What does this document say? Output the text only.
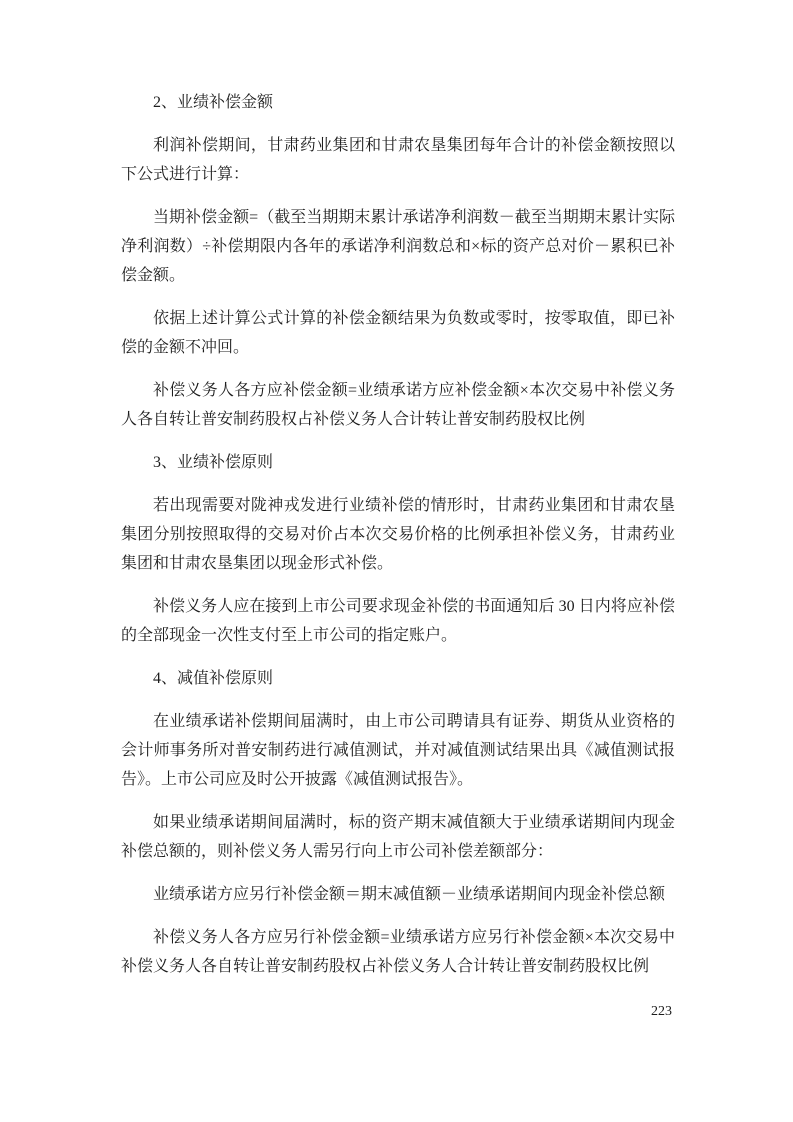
2、业绩补偿金额

利润补偿期间，甘肃药业集团和甘肃农垦集团每年合计的补偿金额按照以下公式进行计算：

当期补偿金额=（截至当期期末累计承诺净利润数－截至当期期末累计实际净利润数）÷补偿期限内各年的承诺净利润数总和×标的资产总对价－累积已补偿金额。

依据上述计算公式计算的补偿金额结果为负数或零时，按零取值，即已补偿的金额不冲回。

补偿义务人各方应补偿金额=业绩承诺方应补偿金额×本次交易中补偿义务人各自转让普安制药股权占补偿义务人合计转让普安制药股权比例

3、业绩补偿原则

若出现需要对陇神戎发进行业绩补偿的情形时，甘肃药业集团和甘肃农垦集团分别按照取得的交易对价占本次交易价格的比例承担补偿义务，甘肃药业集团和甘肃农垦集团以现金形式补偿。

补偿义务人应在接到上市公司要求现金补偿的书面通知后 30 日内将应补偿的全部现金一次性支付至上市公司的指定账户。

4、减值补偿原则

在业绩承诺补偿期间届满时，由上市公司聘请具有证券、期货从业资格的会计师事务所对普安制药进行减值测试，并对减值测试结果出具《减值测试报告》。上市公司应及时公开披露《减值测试报告》。

如果业绩承诺期间届满时，标的资产期末减值额大于业绩承诺期间内现金补偿总额的，则补偿义务人需另行向上市公司补偿差额部分：

业绩承诺方应另行补偿金额＝期末减值额－业绩承诺期间内现金补偿总额

补偿义务人各方应另行补偿金额=业绩承诺方应另行补偿金额×本次交易中补偿义务人各自转让普安制药股权占补偿义务人合计转让普安制药股权比例

223
